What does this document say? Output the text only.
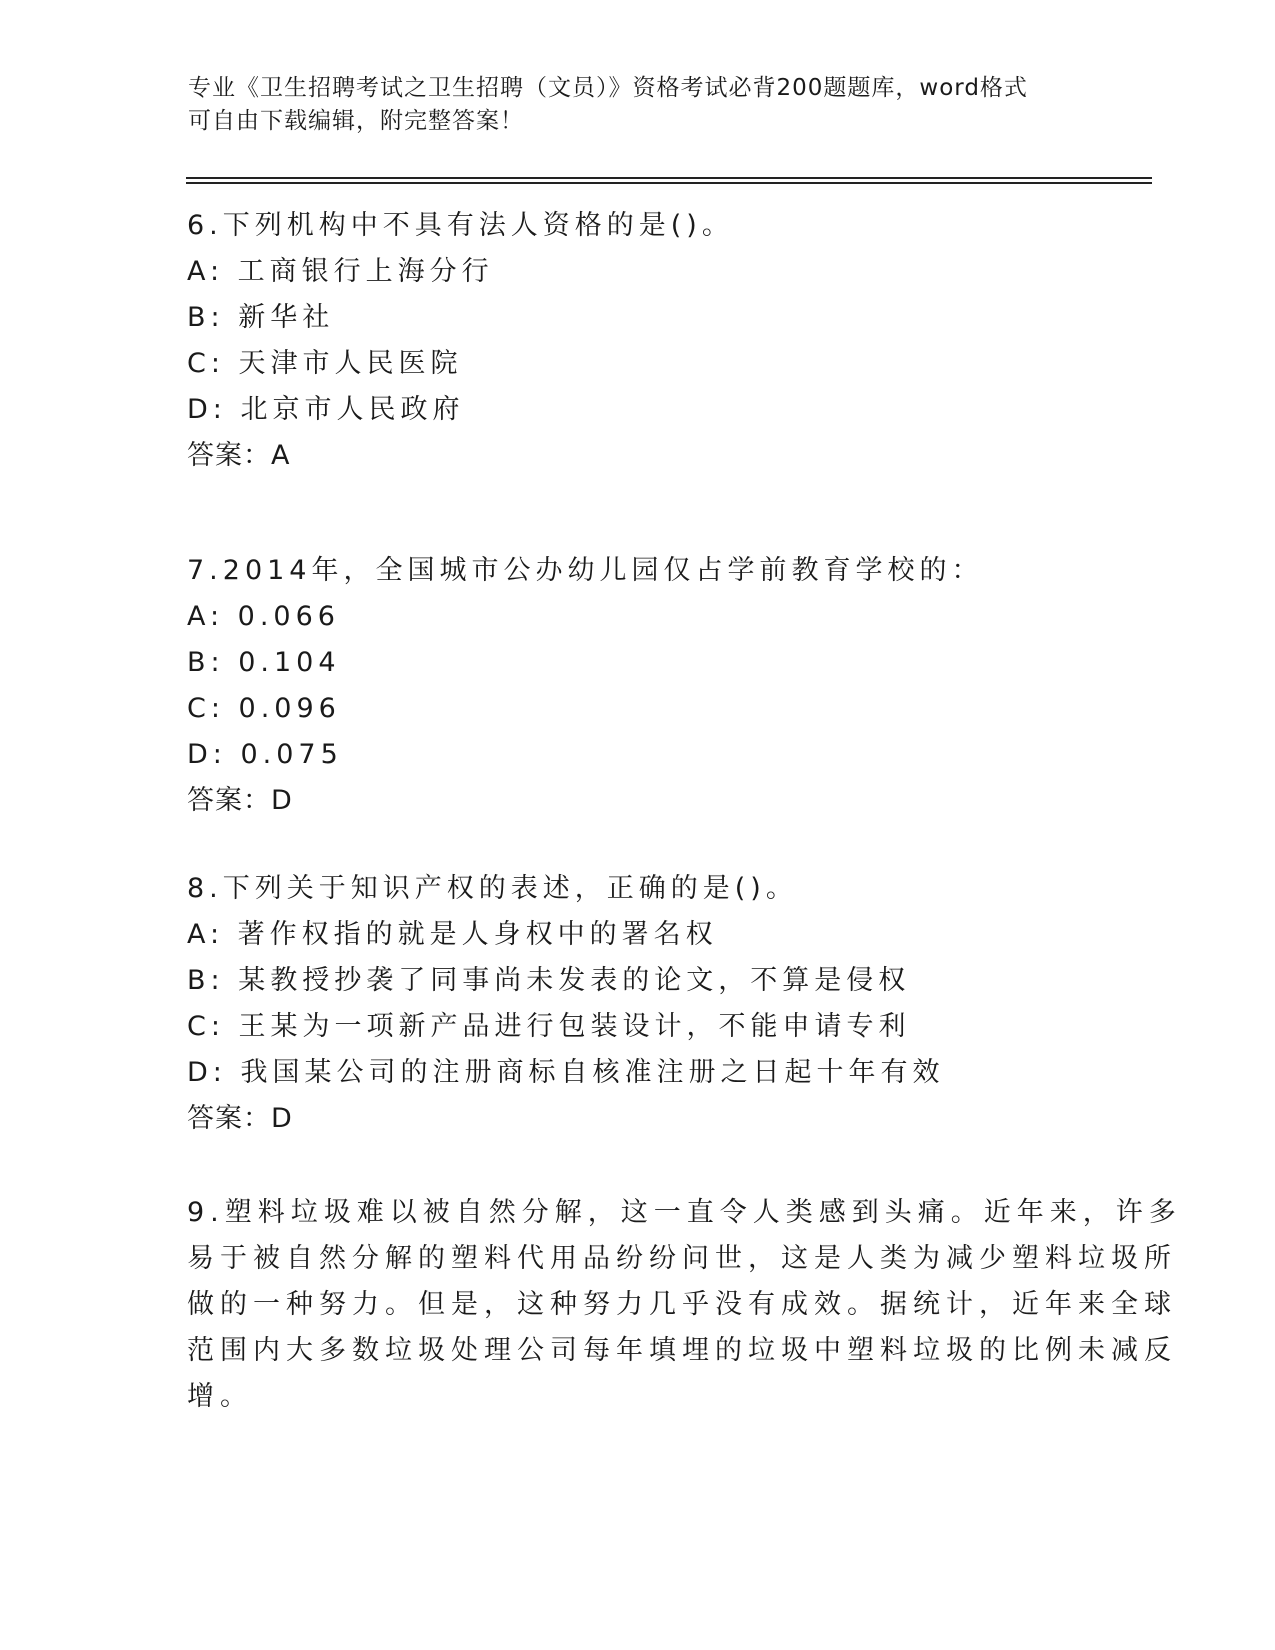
专业《卫生招聘考试之卫生招聘（文员）》资格考试必背200题题库，word格式
可自由下载编辑，附完整答案！
6.下列机构中不具有法人资格的是()。
A: 工商银行上海分行
B: 新华社
C: 天津市人民医院
D: 北京市人民政府
答案：A
7.2014年，全国城市公办幼儿园仅占学前教育学校的：
A: 0.066
B: 0.104
C: 0.096
D: 0.075
答案：D
8.下列关于知识产权的表述，正确的是()。
A: 著作权指的就是人身权中的署名权
B: 某教授抄袭了同事尚未发表的论文，不算是侵权
C: 王某为一项新产品进行包装设计，不能申请专利
D: 我国某公司的注册商标自核准注册之日起十年有效
答案：D
9.塑料垃圾难以被自然分解，这一直令人类感到头痛。近年来，许多
易于被自然分解的塑料代用品纷纷问世，这是人类为减少塑料垃圾所
做的一种努力。但是，这种努力几乎没有成效。据统计，近年来全球
范围内大多数垃圾处理公司每年填埋的垃圾中塑料垃圾的比例未减反
增。
